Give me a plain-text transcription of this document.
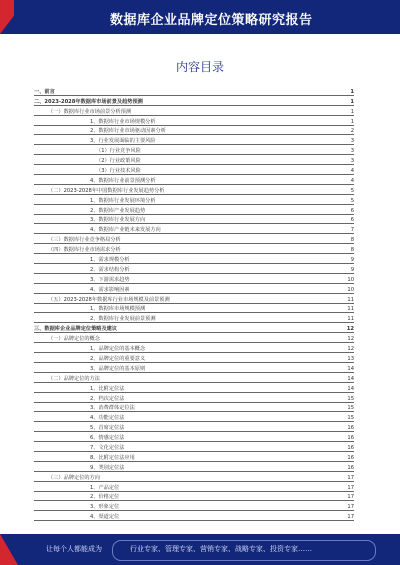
数据库企业品牌定位策略研究报告
内容目录
一、前言	1
二、2023-2028年数据库市场前景及趋势预测	1
（一）数据库行业市场前景分析预测	1
1、数据库行业市场规模分析	1
2、数据库行业市场驱动因素分析	2
3、行业发展面临的主要风险	3
（1）行业竞争风险	3
（2）行业政策风险	3
（3）行业技术风险	4
4、数据库行业前景预测分析	4
（二）2023-2028年中国数据库行业发展趋势分析	5
1、数据库行业发展环境分析	5
2、数据库产业发展趋势	6
3、数据库行业发展方向	6
4、数据库产业链未来发展方向	7
（三）数据库行业竞争格局分析	8
（四）数据库行业市场需求分析	8
1、需求规模分析	9
2、需求结构分析	9
3、下游需求趋势	10
4、需求影响因素	10
（五）2023-2028年数据库行业市场规模及前景预测	11
1、数据库市场规模预测	11
2、数据库行业发展前景预测	11
三、数据库企业品牌定位策略及建议	12
（一）品牌定位的概念	12
1、品牌定位的基本概念	12
2、品牌定位的重要意义	13
3、品牌定位的基本原则	14
（二）品牌定位的方法	14
1、比附定位法	14
2、档次定位法	15
3、消费群体定位法	15
4、功能定位法	15
5、首席定位法	16
6、情感定位法	16
7、文化定位法	16
8、比附定位法应用	16
9、类别定位法	16
（三）品牌定位的方向	17
1、产品定位	17
2、价格定位	17
3、形象定位	17
4、渠道定位	17
让每个人都能成为	行业专家、管理专家、营销专家、战略专家、投资专家……
